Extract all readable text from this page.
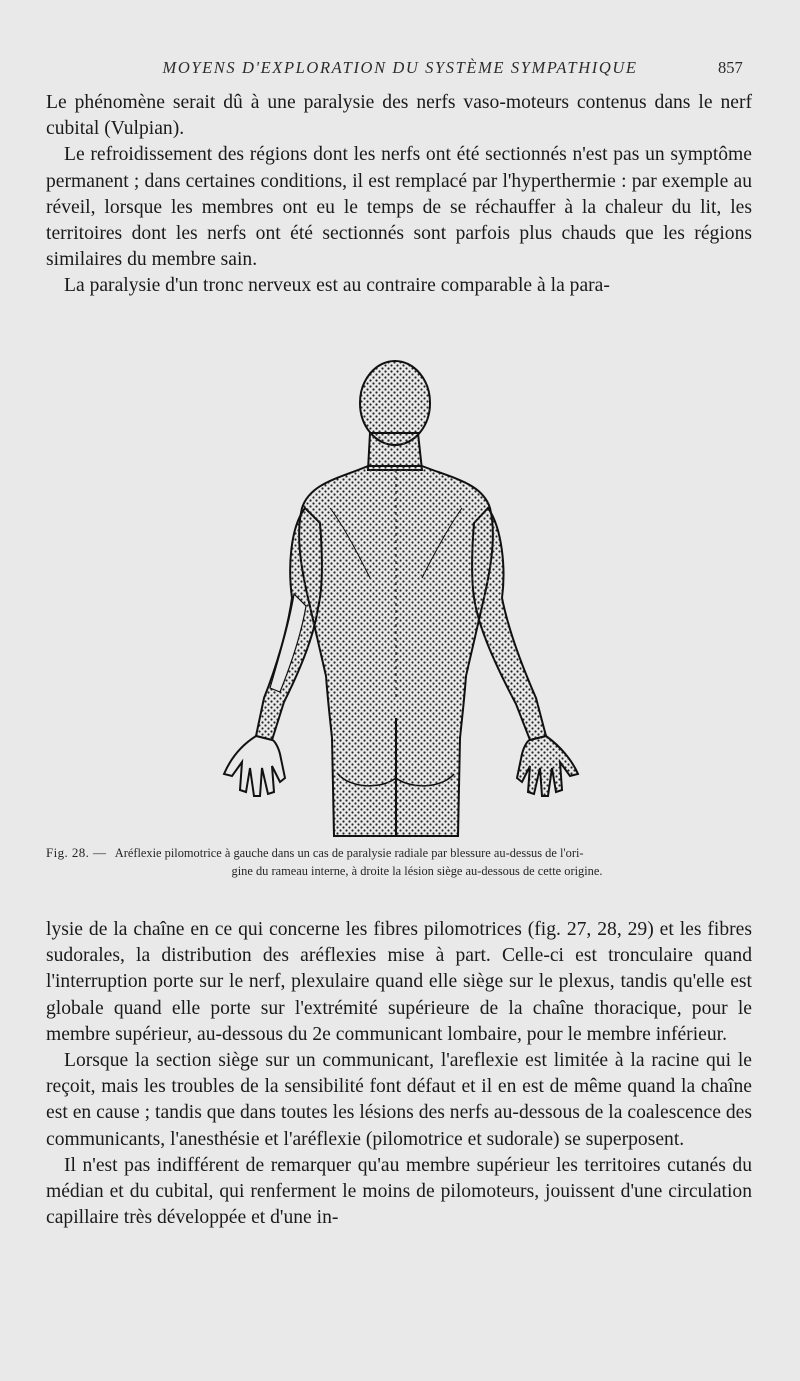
MOYENS D'EXPLORATION DU SYSTÈME SYMPATHIQUE	857

Le phénomène serait dû à une paralysie des nerfs vaso-moteurs contenus dans le nerf cubital (Vulpian).

Le refroidissement des régions dont les nerfs ont été sectionnés n'est pas un symptôme permanent ; dans certaines conditions, il est remplacé par l'hyperthermie : par exemple au réveil, lorsque les membres ont eu le temps de se réchauffer à la chaleur du lit, les territoires dont les nerfs ont été sectionnés sont parfois plus chauds que les régions similaires du membre sain.

La paralysie d'un tronc nerveux est au contraire comparable à la para-

Fig. 28. — Aréflexie pilomotrice à gauche dans un cas de paralysie radiale par blessure au-dessus de l'ori-
gine du rameau interne, à droite la lésion siège au-dessous de cette origine.

lysie de la chaîne en ce qui concerne les fibres pilomotrices (fig. 27, 28, 29) et les fibres sudorales, la distribution des aréflexies mise à part. Celle-ci est tronculaire quand l'interruption porte sur le nerf, plexulaire quand elle siège sur le plexus, tandis qu'elle est globale quand elle porte sur l'extrémité supérieure de la chaîne thoracique, pour le membre supérieur, au-dessous du 2e communicant lombaire, pour le membre inférieur.

Lorsque la section siège sur un communicant, l'areflexie est limitée à la racine qui le reçoit, mais les troubles de la sensibilité font défaut et il en est de même quand la chaîne est en cause ; tandis que dans toutes les lésions des nerfs au-dessous de la coalescence des communicants, l'anesthésie et l'aréflexie (pilomotrice et sudorale) se superposent.

Il n'est pas indifférent de remarquer qu'au membre supérieur les territoires cutanés du médian et du cubital, qui renferment le moins de pilomoteurs, jouissent d'une circulation capillaire très développée et d'une in-
